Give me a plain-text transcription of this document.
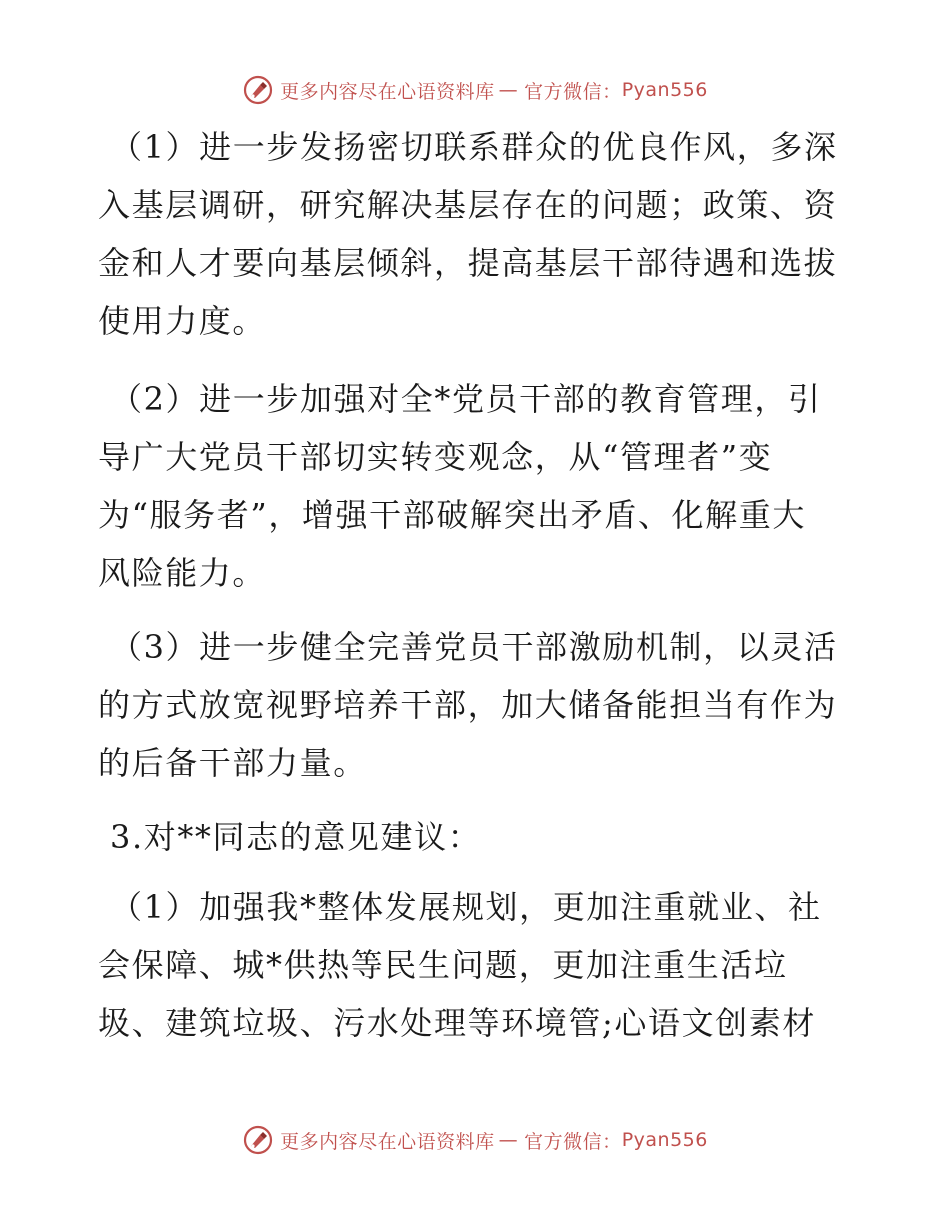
更多内容尽在心语资料库 — 官方微信： Pyan556
（1）进一步发扬密切联系群众的优良作风，多深
入基层调研，研究解决基层存在的问题；政策、资
金和人才要向基层倾斜，提高基层干部待遇和选拔
使用力度。
（2）进一步加强对全*党员干部的教育管理，引
导广大党员干部切实转变观念，从“管理者”变
为“服务者”，增强干部破解突出矛盾、化解重大
风险能力。
（3）进一步健全完善党员干部激励机制，以灵活
的方式放宽视野培养干部，加大储备能担当有作为
的后备干部力量。
3.对**同志的意见建议：
（1）加强我*整体发展规划，更加注重就业、社
会保障、城*供热等民生问题，更加注重生活垃
圾、建筑垃圾、污水处理等环境管;心语文创素材
更多内容尽在心语资料库 — 官方微信： Pyan556
